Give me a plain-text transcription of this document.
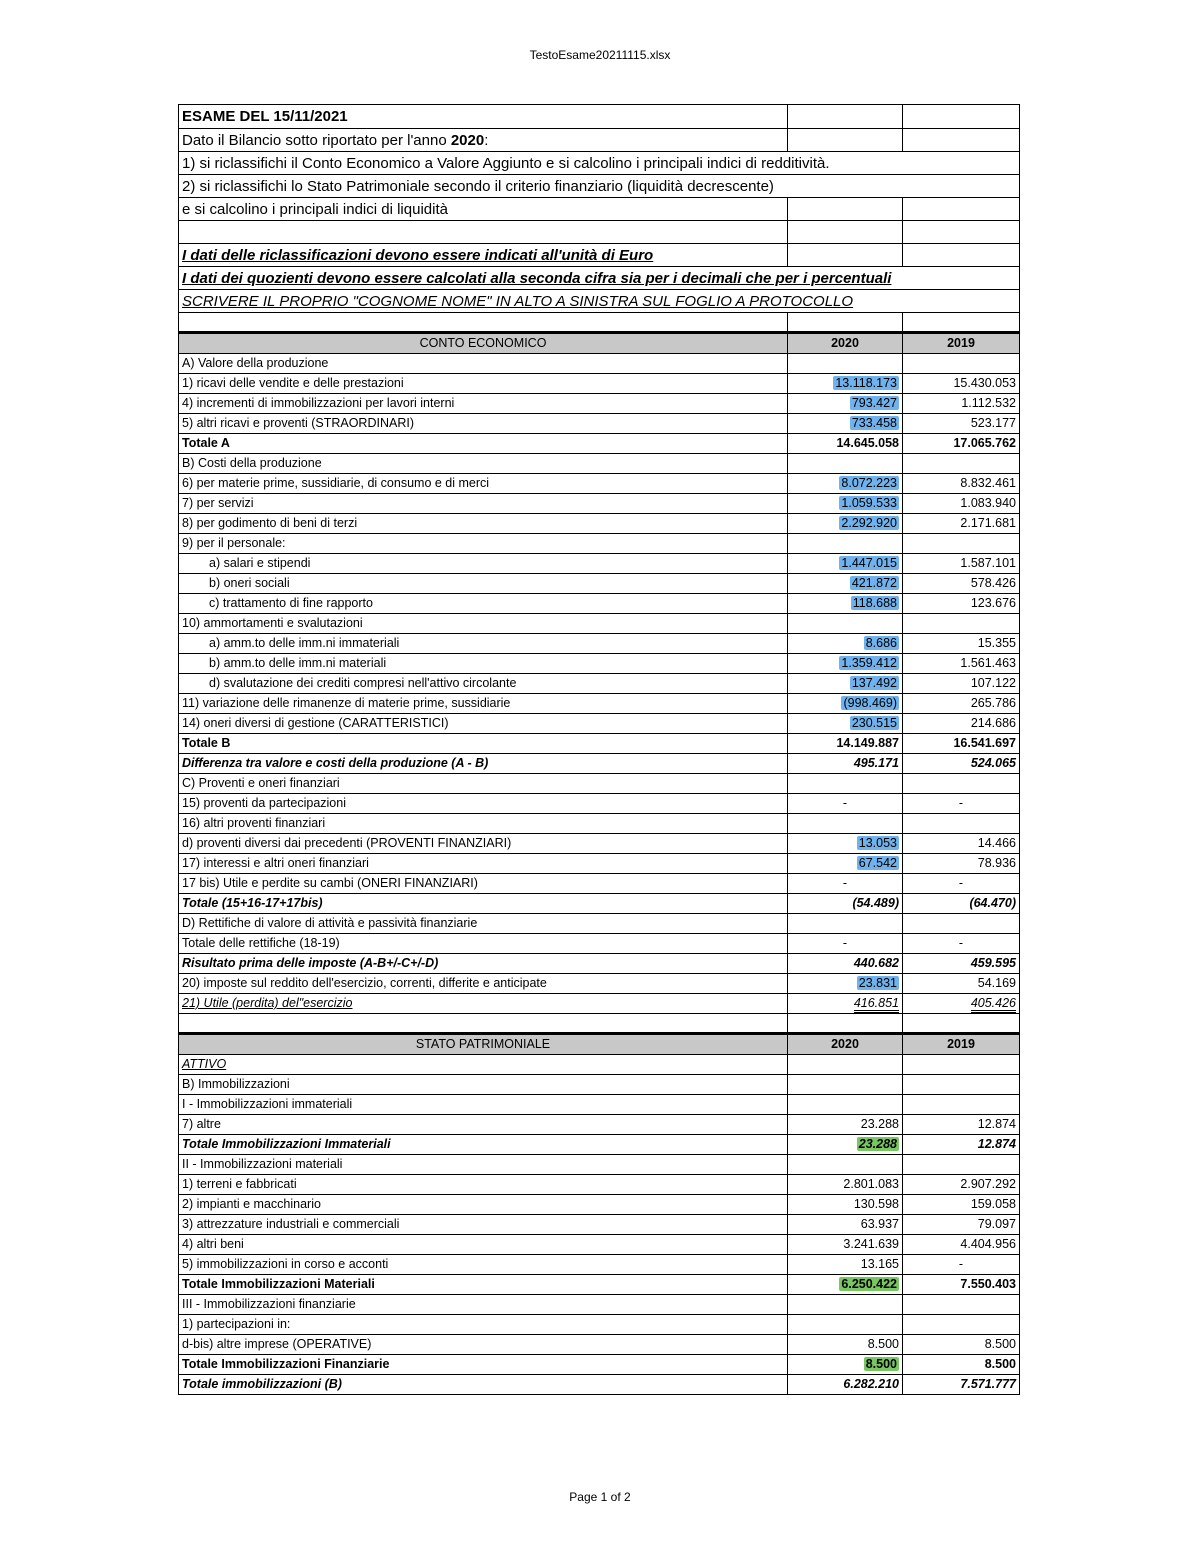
TestoEsame20211115.xlsx
ESAME DEL 15/11/2021		
Dato il Bilancio sotto riportato per l'anno 2020:		
1) si riclassifichi il Conto Economico a Valore Aggiunto e si calcolino i principali indici di redditività.		
2) si riclassifichi lo Stato Patrimoniale secondo il criterio finanziario (liquidità decrescente)		
e si calcolino i principali indici di liquidità		

I dati delle riclassificazioni devono essere indicati all'unità di Euro		
I dati dei quozienti devono essere calcolati alla seconda cifra sia per i decimali che per i percentuali		
SCRIVERE IL PROPRIO "COGNOME NOME" IN ALTO A SINISTRA SUL FOGLIO A PROTOCOLLO		

CONTO ECONOMICO	2020	2019
A) Valore della produzione		
1) ricavi delle vendite e delle prestazioni	13.118.173	15.430.053
4) incrementi di immobilizzazioni per lavori interni	793.427	1.112.532
5) altri ricavi e proventi (STRAORDINARI)	733.458	523.177
Totale A	14.645.058	17.065.762
B) Costi della produzione		
6) per materie prime, sussidiarie, di consumo e di merci	8.072.223	8.832.461
7) per servizi	1.059.533	1.083.940
8) per godimento di beni di terzi	2.292.920	2.171.681
9) per il personale:		
a) salari e stipendi	1.447.015	1.587.101
b) oneri sociali	421.872	578.426
c) trattamento di fine rapporto	118.688	123.676
10) ammortamenti e svalutazioni		
a) amm.to delle imm.ni immateriali	8.686	15.355
b) amm.to delle imm.ni materiali	1.359.412	1.561.463
d) svalutazione dei crediti compresi nell'attivo circolante	137.492	107.122
11) variazione delle rimanenze di materie prime, sussidiarie	(998.469)	265.786
14) oneri diversi di gestione (CARATTERISTICI)	230.515	214.686
Totale B	14.149.887	16.541.697
Differenza tra valore e costi della produzione (A - B)	495.171	524.065
C) Proventi e oneri finanziari		
15) proventi da partecipazioni	-	-
16) altri proventi finanziari		
d) proventi diversi dai precedenti (PROVENTI FINANZIARI)	13.053	14.466
17) interessi e altri oneri finanziari	67.542	78.936
17 bis) Utile e perdite su cambi (ONERI FINANZIARI)	-	-
Totale (15+16-17+17bis)	(54.489)	(64.470)
D) Rettifiche di valore di attività e passività finanziarie		
Totale delle rettifiche (18-19)	-	-
Risultato prima delle imposte (A-B+/-C+/-D)	440.682	459.595
20) imposte sul reddito dell'esercizio, correnti, differite e anticipate	23.831	54.169
21) Utile (perdita) del"esercizio	416.851	405.426

STATO PATRIMONIALE	2020	2019
ATTIVO		
B) Immobilizzazioni		
I - Immobilizzazioni immateriali		
7) altre	23.288	12.874
Totale Immobilizzazioni Immateriali	23.288	12.874
II - Immobilizzazioni materiali		
1) terreni e fabbricati	2.801.083	2.907.292
2) impianti e macchinario	130.598	159.058
3) attrezzature industriali e commerciali	63.937	79.097
4) altri beni	3.241.639	4.404.956
5) immobilizzazioni in corso e acconti	13.165	-
Totale Immobilizzazioni Materiali	6.250.422	7.550.403
III - Immobilizzazioni finanziarie		
1) partecipazioni in:		
d-bis) altre imprese (OPERATIVE)	8.500	8.500
Totale Immobilizzazioni Finanziarie	8.500	8.500
Totale immobilizzazioni (B)	6.282.210	7.571.777
Page 1 of 2
